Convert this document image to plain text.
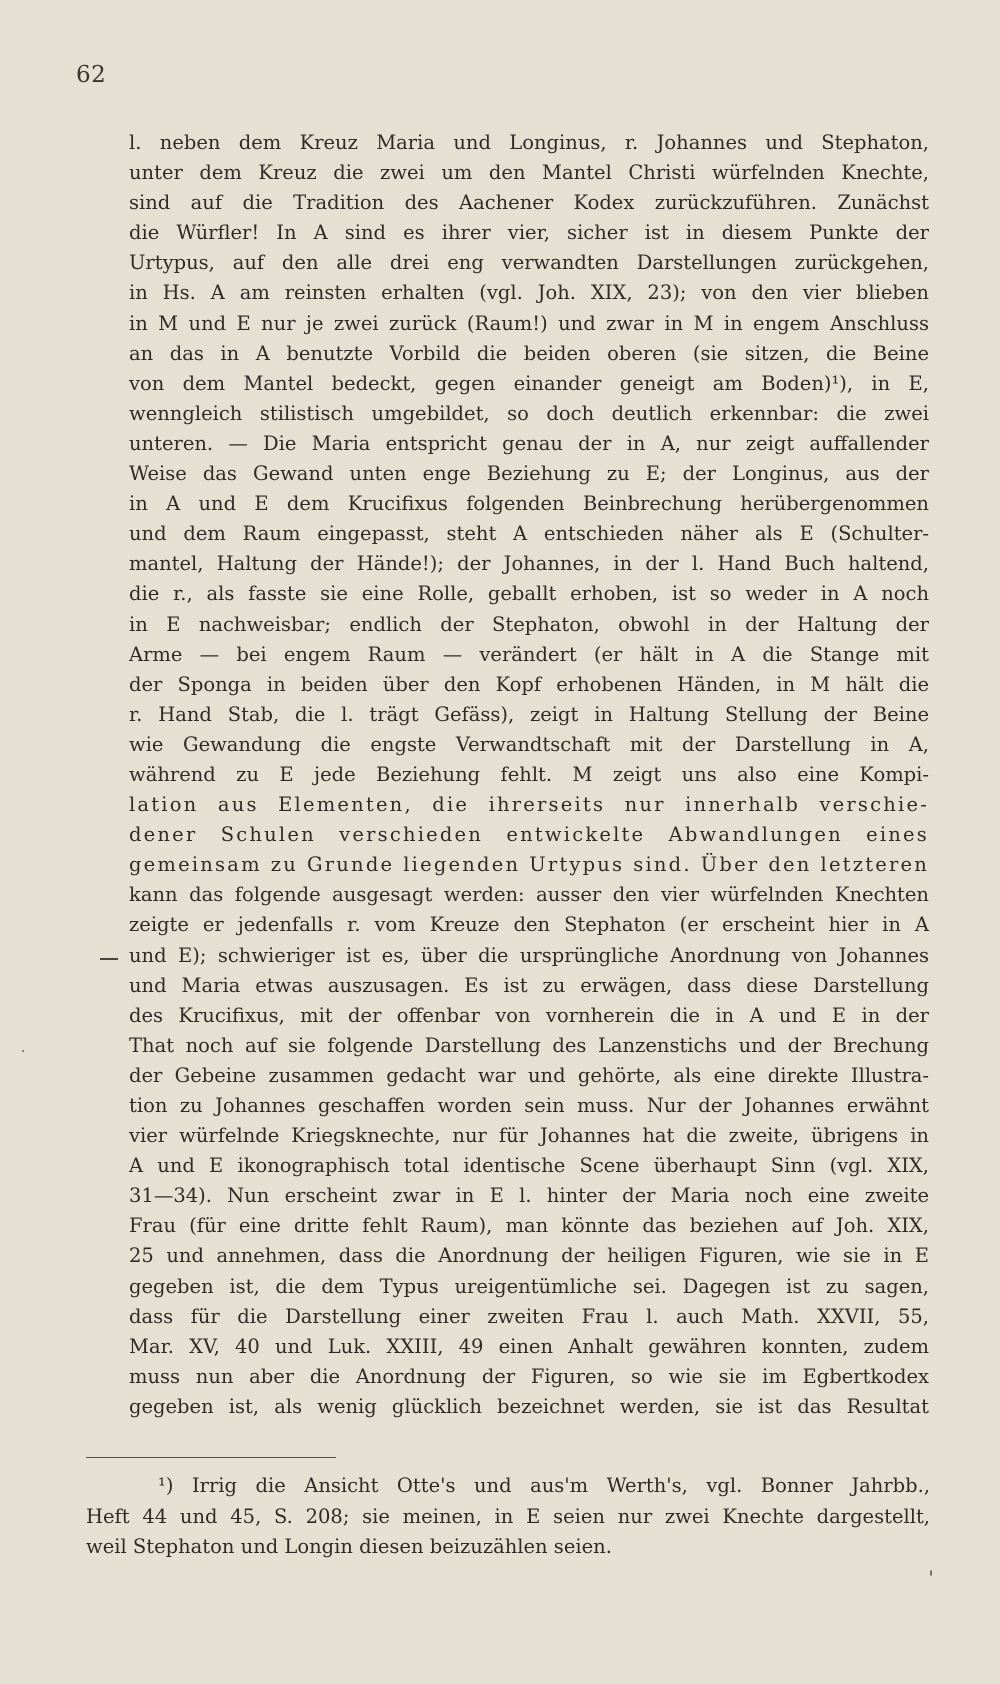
62
l. neben dem Kreuz Maria und Longinus, r. Johannes und Stephaton,
unter dem Kreuz die zwei um den Mantel Christi würfelnden Knechte,
sind auf die Tradition des Aachener Kodex zurückzuführen. Zunächst
die Würfler! In A sind es ihrer vier, sicher ist in diesem Punkte der
Urtypus, auf den alle drei eng verwandten Darstellungen zurückgehen,
in Hs. A am reinsten erhalten (vgl. Joh. XIX, 23); von den vier blieben
in M und E nur je zwei zurück (Raum!) und zwar in M in engem Anschluss
an das in A benutzte Vorbild die beiden oberen (sie sitzen, die Beine
von dem Mantel bedeckt, gegen einander geneigt am Boden)¹), in E,
wenngleich stilistisch umgebildet, so doch deutlich erkennbar: die zwei
unteren. — Die Maria entspricht genau der in A, nur zeigt auffallender
Weise das Gewand unten enge Beziehung zu E; der Longinus, aus der
in A und E dem Krucifixus folgenden Beinbrechung herübergenommen
und dem Raum eingepasst, steht A entschieden näher als E (Schulter-
mantel, Haltung der Hände!); der Johannes, in der l. Hand Buch haltend,
die r., als fasste sie eine Rolle, geballt erhoben, ist so weder in A noch
in E nachweisbar; endlich der Stephaton, obwohl in der Haltung der
Arme — bei engem Raum — verändert (er hält in A die Stange mit
der Sponga in beiden über den Kopf erhobenen Händen, in M hält die
r. Hand Stab, die l. trägt Gefäss), zeigt in Haltung Stellung der Beine
wie Gewandung die engste Verwandtschaft mit der Darstellung in A,
während zu E jede Beziehung fehlt. M zeigt uns also eine Kompi-
lation aus Elementen, die ihrerseits nur innerhalb verschie-
dener Schulen verschieden entwickelte Abwandlungen eines
gemeinsam zu Grunde liegenden Urtypus sind. Über den letzteren
kann das folgende ausgesagt werden: ausser den vier würfelnden Knechten
zeigte er jedenfalls r. vom Kreuze den Stephaton (er erscheint hier in A
und E); schwieriger ist es, über die ursprüngliche Anordnung von Johannes
und Maria etwas auszusagen. Es ist zu erwägen, dass diese Darstellung
des Krucifixus, mit der offenbar von vornherein die in A und E in der
That noch auf sie folgende Darstellung des Lanzenstichs und der Brechung
der Gebeine zusammen gedacht war und gehörte, als eine direkte Illustra-
tion zu Johannes geschaffen worden sein muss. Nur der Johannes erwähnt
vier würfelnde Kriegsknechte, nur für Johannes hat die zweite, übrigens in
A und E ikonographisch total identische Scene überhaupt Sinn (vgl. XIX,
31—34). Nun erscheint zwar in E l. hinter der Maria noch eine zweite
Frau (für eine dritte fehlt Raum), man könnte das beziehen auf Joh. XIX,
25 und annehmen, dass die Anordnung der heiligen Figuren, wie sie in E
gegeben ist, die dem Typus ureigentümliche sei. Dagegen ist zu sagen,
dass für die Darstellung einer zweiten Frau l. auch Math. XXVII, 55,
Mar. XV, 40 und Luk. XXIII, 49 einen Anhalt gewähren konnten, zudem
muss nun aber die Anordnung der Figuren, so wie sie im Egbertkodex
gegeben ist, als wenig glücklich bezeichnet werden, sie ist das Resultat
¹) Irrig die Ansicht Otte's und aus'm Werth's, vgl. Bonner Jahrbb.,
Heft 44 und 45, S. 208; sie meinen, in E seien nur zwei Knechte dargestellt,
weil Stephaton und Longin diesen beizuzählen seien.
